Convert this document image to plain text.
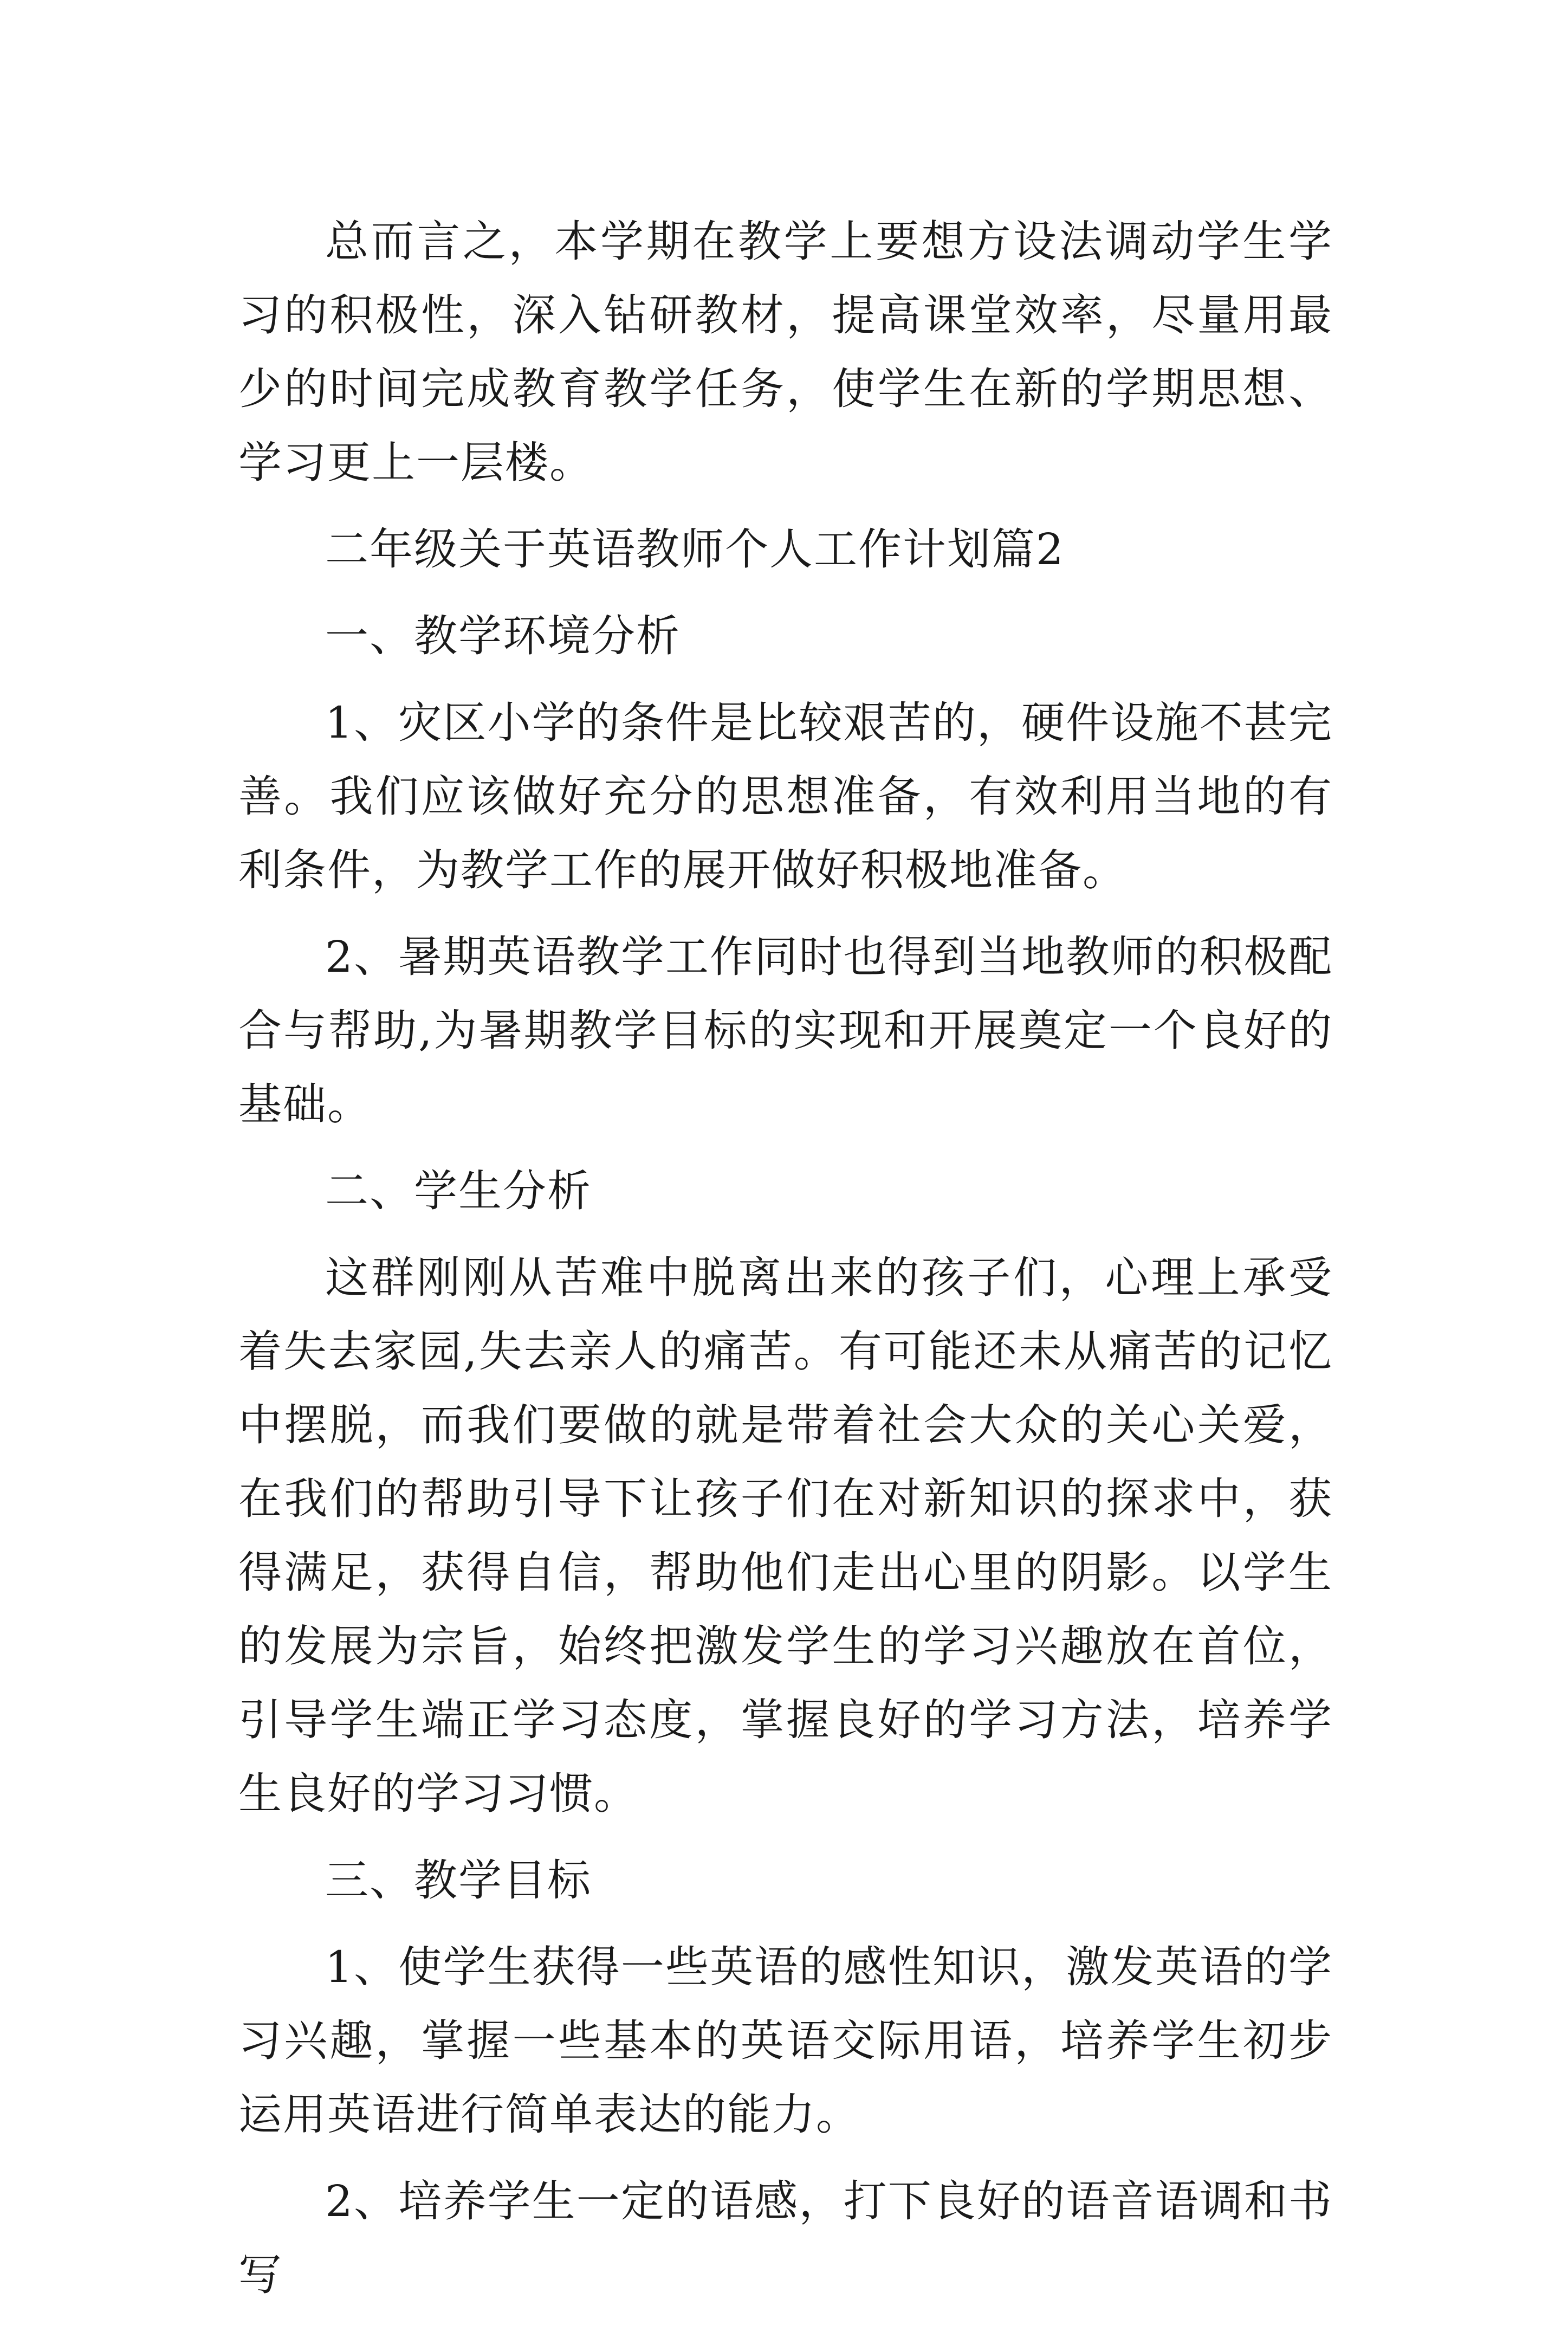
总而言之，本学期在教学上要想方设法调动学生学习的积极性，深入钻研教材，提高课堂效率，尽量用最少的时间完成教育教学任务，使学生在新的学期思想、学习更上一层楼。

二年级关于英语教师个人工作计划篇2

一、教学环境分析

1、灾区小学的条件是比较艰苦的，硬件设施不甚完善。我们应该做好充分的思想准备，有效利用当地的有利条件，为教学工作的展开做好积极地准备。

2、暑期英语教学工作同时也得到当地教师的积极配合与帮助,为暑期教学目标的实现和开展奠定一个良好的基础。

二、学生分析

这群刚刚从苦难中脱离出来的孩子们，心理上承受着失去家园,失去亲人的痛苦。有可能还未从痛苦的记忆中摆脱，而我们要做的就是带着社会大众的关心关爱，在我们的帮助引导下让孩子们在对新知识的探求中，获得满足，获得自信，帮助他们走出心里的阴影。以学生的发展为宗旨，始终把激发学生的学习兴趣放在首位，引导学生端正学习态度，掌握良好的学习方法，培养学生良好的学习习惯。

三、教学目标

1、使学生获得一些英语的感性知识，激发英语的学习兴趣，掌握一些基本的英语交际用语，培养学生初步运用英语进行简单表达的能力。

2、培养学生一定的语感，打下良好的语音语调和书写
